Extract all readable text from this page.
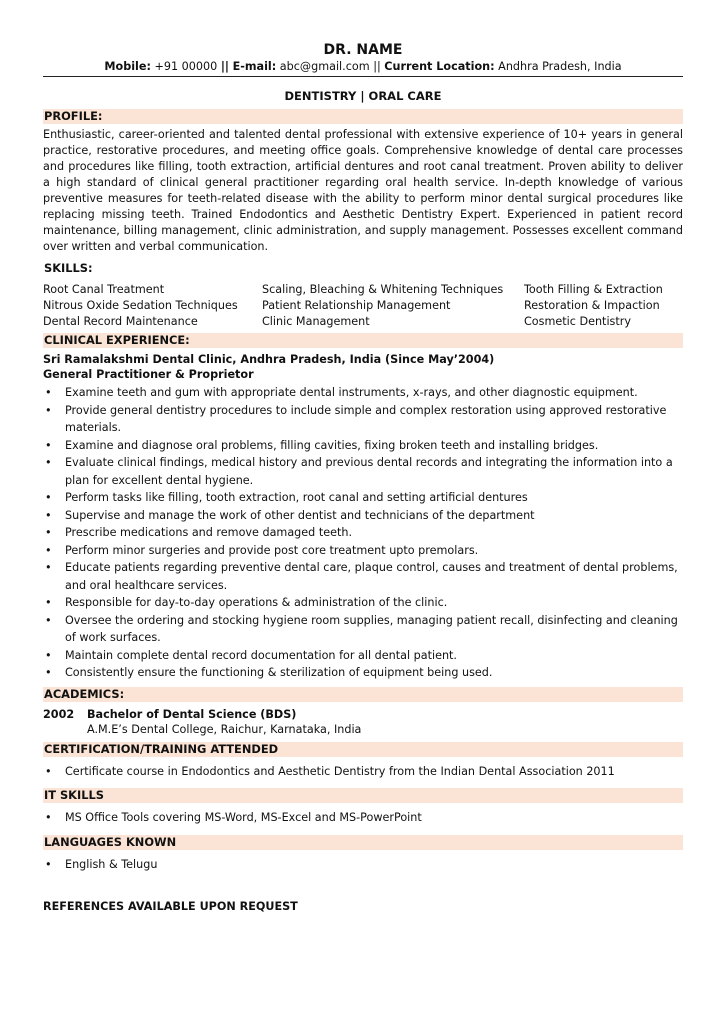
DR. NAME
Mobile: +91 00000 || E-mail: abc@gmail.com || Current Location: Andhra Pradesh, India
DENTISTRY | ORAL CARE
PROFILE:
Enthusiastic, career-oriented and talented dental professional with extensive experience of 10+ years in general practice, restorative procedures, and meeting office goals. Comprehensive knowledge of dental care processes and procedures like filling, tooth extraction, artificial dentures and root canal treatment. Proven ability to deliver a high standard of clinical general practitioner regarding oral health service. In-depth knowledge of various preventive measures for teeth-related disease with the ability to perform minor dental surgical procedures like replacing missing teeth. Trained Endodontics and Aesthetic Dentistry Expert. Experienced in patient record maintenance, billing management, clinic administration, and supply management. Possesses excellent command over written and verbal communication.
SKILLS:
Root Canal Treatment	Scaling, Bleaching & Whitening Techniques	Tooth Filling & Extraction
Nitrous Oxide Sedation Techniques	Patient Relationship Management	Restoration & Impaction
Dental Record Maintenance	Clinic Management	Cosmetic Dentistry
CLINICAL EXPERIENCE:
Sri Ramalakshmi Dental Clinic, Andhra Pradesh, India (Since May’2004)
General Practitioner & Proprietor
• Examine teeth and gum with appropriate dental instruments, x-rays, and other diagnostic equipment.
• Provide general dentistry procedures to include simple and complex restoration using approved restorative materials.
• Examine and diagnose oral problems, filling cavities, fixing broken teeth and installing bridges.
• Evaluate clinical findings, medical history and previous dental records and integrating the information into a plan for excellent dental hygiene.
• Perform tasks like filling, tooth extraction, root canal and setting artificial dentures
• Supervise and manage the work of other dentist and technicians of the department
• Prescribe medications and remove damaged teeth.
• Perform minor surgeries and provide post core treatment upto premolars.
• Educate patients regarding preventive dental care, plaque control, causes and treatment of dental problems, and oral healthcare services.
• Responsible for day-to-day operations & administration of the clinic.
• Oversee the ordering and stocking hygiene room supplies, managing patient recall, disinfecting and cleaning of work surfaces.
• Maintain complete dental record documentation for all dental patient.
• Consistently ensure the functioning & sterilization of equipment being used.
ACADEMICS:
2002 Bachelor of Dental Science (BDS)
A.M.E’s Dental College, Raichur, Karnataka, India
CERTIFICATION/TRAINING ATTENDED
• Certificate course in Endodontics and Aesthetic Dentistry from the Indian Dental Association 2011
IT SKILLS
• MS Office Tools covering MS-Word, MS-Excel and MS-PowerPoint
LANGUAGES KNOWN
• English & Telugu
REFERENCES AVAILABLE UPON REQUEST
